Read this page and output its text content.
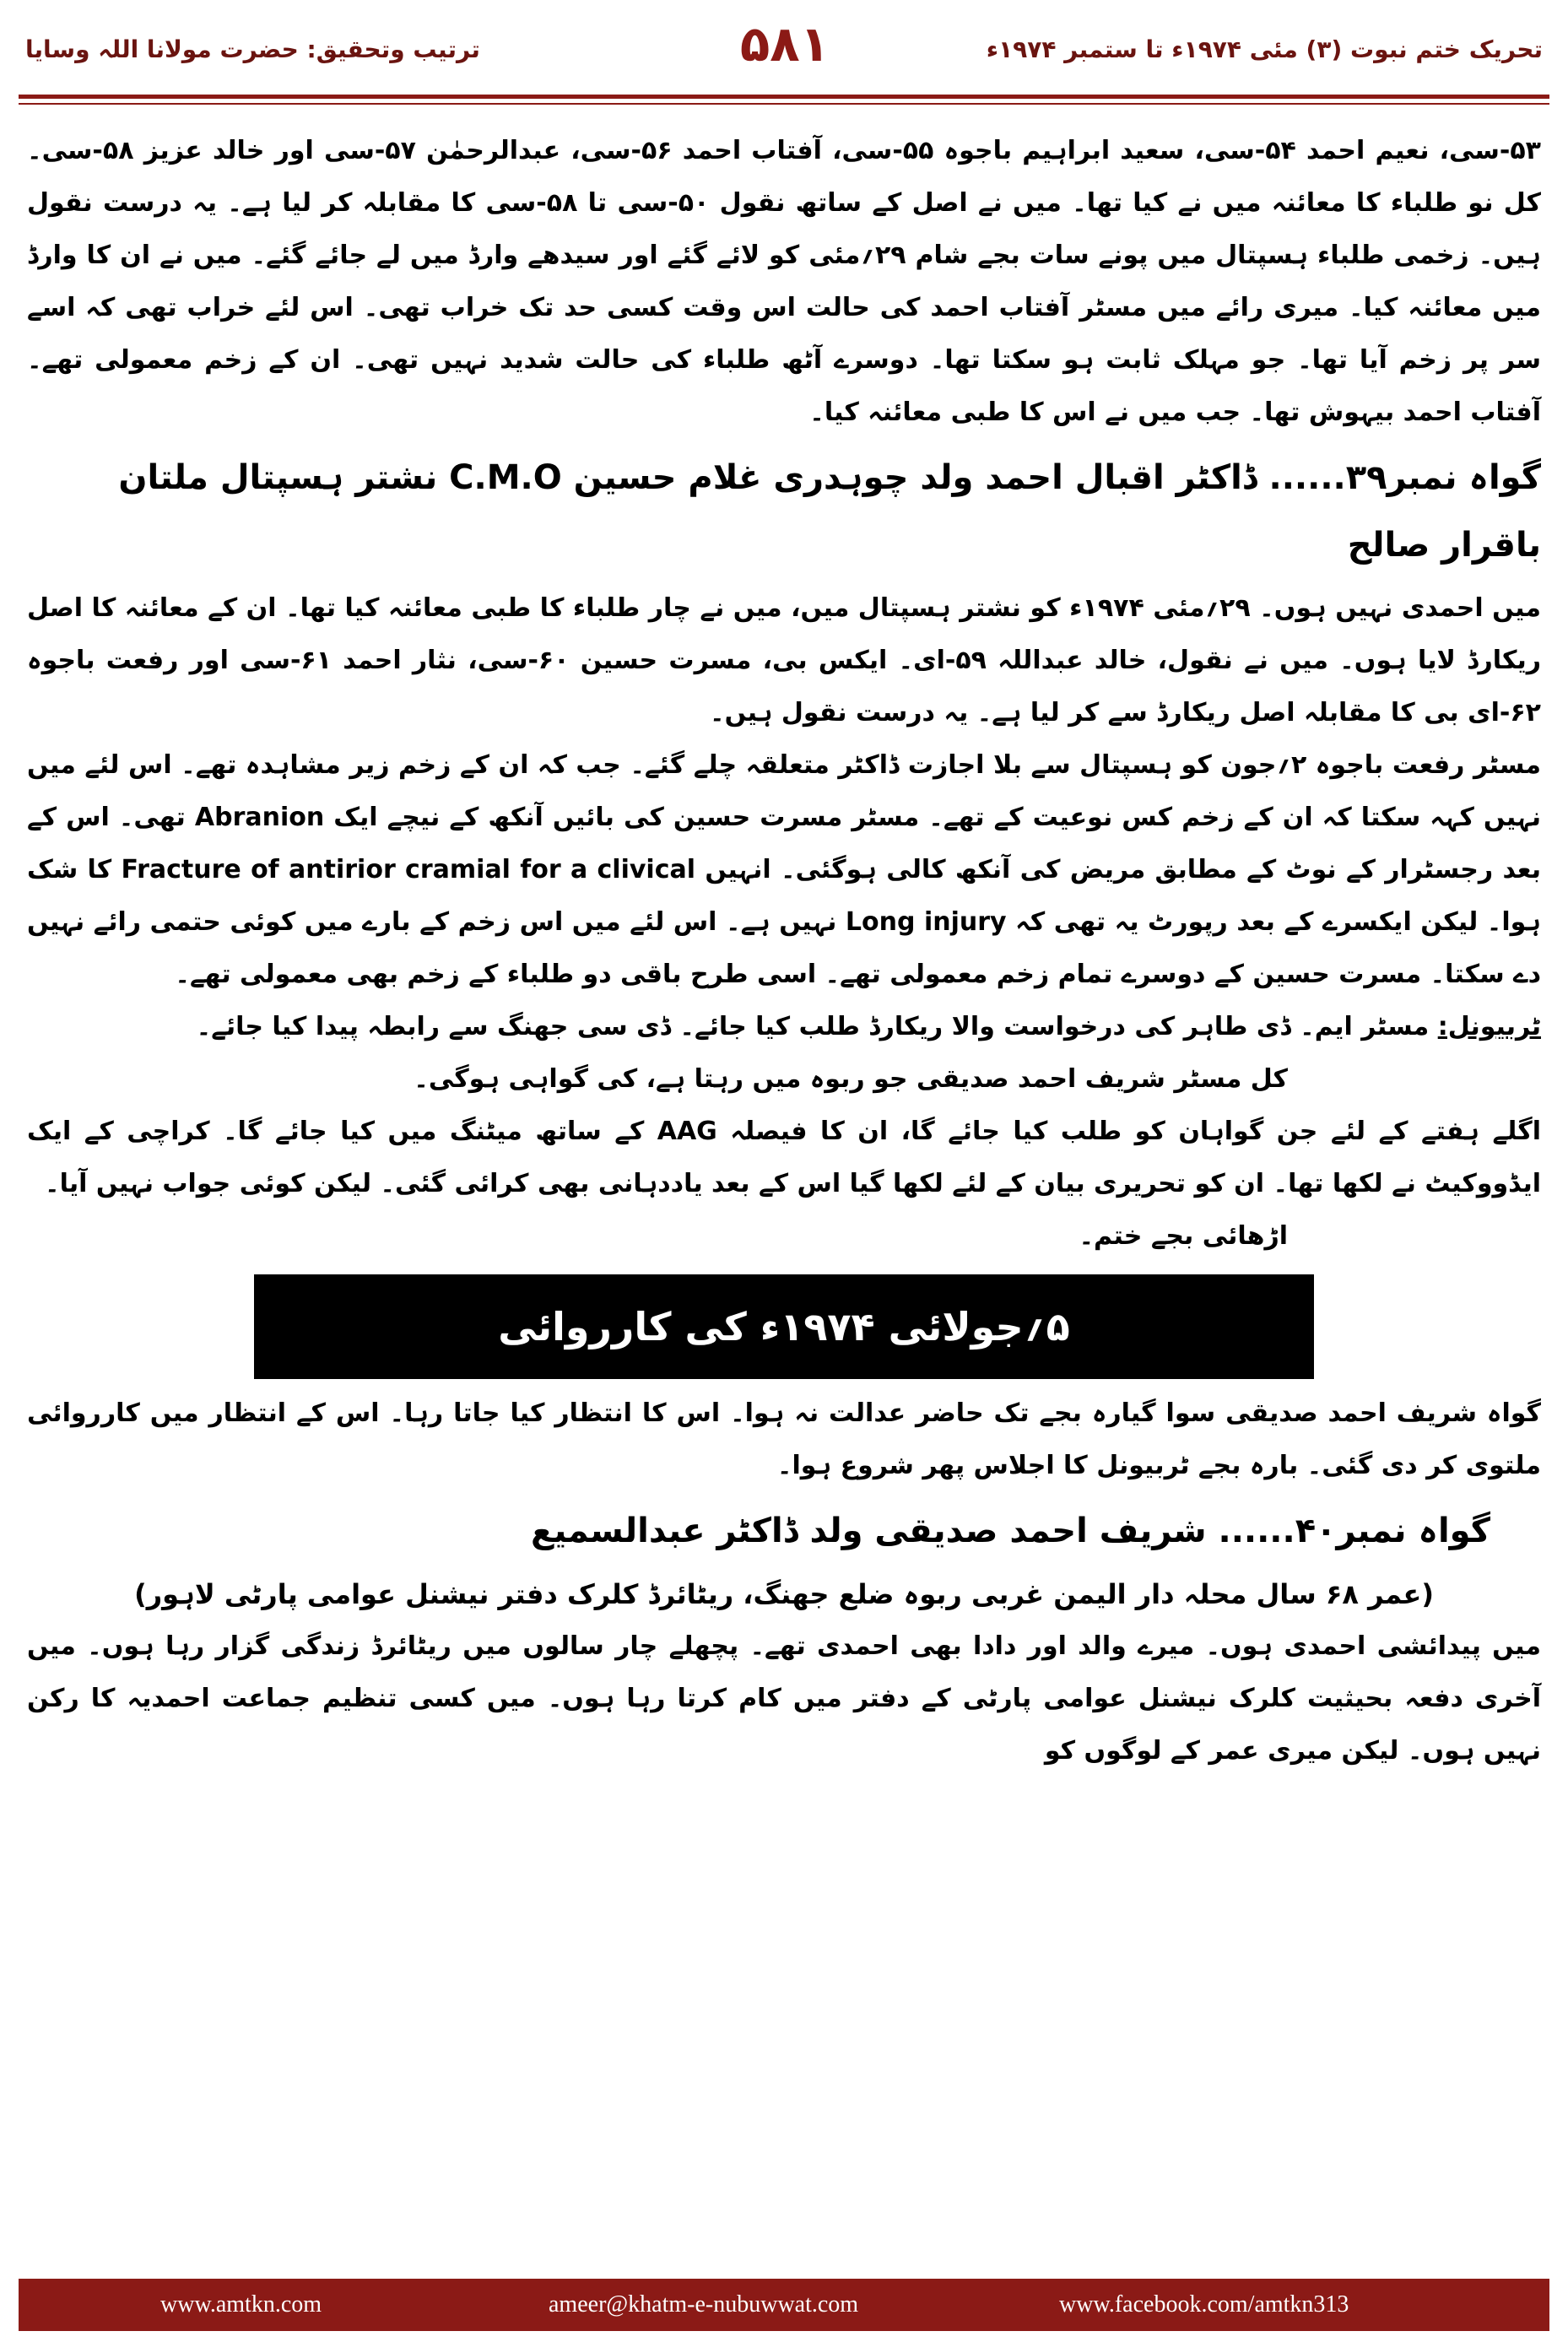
ترتیب وتحقیق: حضرت مولانا اللہ وسایا	۵۸۱	تحریک ختم نبوت (۳) مئی ۱۹۷۴ء تا ستمبر ۱۹۷۴ء

۵۳-سی، نعیم احمد ۵۴-سی، سعید ابراہیم باجوہ ۵۵-سی، آفتاب احمد ۵۶-سی، عبدالرحمٰن ۵۷-سی اور خالد عزیز ۵۸-سی۔ کل نو طلباء کا معائنہ میں نے کیا تھا۔ میں نے اصل کے ساتھ نقول ۵۰-سی تا ۵۸-سی کا مقابلہ کر لیا ہے۔ یہ درست نقول ہیں۔ زخمی طلباء ہسپتال میں پونے سات بجے شام ۲۹؍مئی کو لائے گئے اور سیدھے وارڈ میں لے جائے گئے۔ میں نے ان کا وارڈ میں معائنہ کیا۔ میری رائے میں مسٹر آفتاب احمد کی حالت اس وقت کسی حد تک خراب تھی۔ اس لئے خراب تھی کہ اسے سر پر زخم آیا تھا۔ جو مہلک ثابت ہو سکتا تھا۔ دوسرے آٹھ طلباء کی حالت شدید نہیں تھی۔ ان کے زخم معمولی تھے۔ آفتاب احمد بیہوش تھا۔ جب میں نے اس کا طبی معائنہ کیا۔

گواہ نمبر۳۹...... ڈاکٹر اقبال احمد ولد چوہدری غلام حسین C.M.O نشتر ہسپتال ملتان باقرار صالح

میں احمدی نہیں ہوں۔ ۲۹؍مئی ۱۹۷۴ء کو نشتر ہسپتال میں، میں نے چار طلباء کا طبی معائنہ کیا تھا۔ ان کے معائنہ کا اصل ریکارڈ لایا ہوں۔ میں نے نقول، خالد عبداللہ ۵۹-ای۔ ایکس بی، مسرت حسین ۶۰-سی، نثار احمد ۶۱-سی اور رفعت باجوہ ۶۲-ای بی کا مقابلہ اصل ریکارڈ سے کر لیا ہے۔ یہ درست نقول ہیں۔

مسٹر رفعت باجوہ ۲؍جون کو ہسپتال سے بلا اجازت ڈاکٹر متعلقہ چلے گئے۔ جب کہ ان کے زخم زیر مشاہدہ تھے۔ اس لئے میں نہیں کہہ سکتا کہ ان کے زخم کس نوعیت کے تھے۔ مسٹر مسرت حسین کی بائیں آنکھ کے نیچے ایک Abranion تھی۔ اس کے بعد رجسٹرار کے نوٹ کے مطابق مریض کی آنکھ کالی ہوگئی۔ انہیں Fracture of antirior cramial for a clivical کا شک ہوا۔ لیکن ایکسرے کے بعد رپورٹ یہ تھی کہ Long injury نہیں ہے۔ اس لئے میں اس زخم کے بارے میں کوئی حتمی رائے نہیں دے سکتا۔ مسرت حسین کے دوسرے تمام زخم معمولی تھے۔ اسی طرح باقی دو طلباء کے زخم بھی معمولی تھے۔

ٹربیونل: مسٹر ایم۔ ڈی طاہر کی درخواست والا ریکارڈ طلب کیا جائے۔ ڈی سی جھنگ سے رابطہ پیدا کیا جائے۔

کل مسٹر شریف احمد صدیقی جو ربوہ میں رہتا ہے، کی گواہی ہوگی۔

اگلے ہفتے کے لئے جن گواہان کو طلب کیا جائے گا، ان کا فیصلہ AAG کے ساتھ میٹنگ میں کیا جائے گا۔ کراچی کے ایک ایڈووکیٹ نے لکھا تھا۔ ان کو تحریری بیان کے لئے لکھا گیا اس کے بعد یاددہانی بھی کرائی گئی۔ لیکن کوئی جواب نہیں آیا۔

اڑھائی بجے ختم۔

۵؍جولائی ۱۹۷۴ء کی کارروائی

گواہ شریف احمد صدیقی سوا گیارہ بجے تک حاضر عدالت نہ ہوا۔ اس کا انتظار کیا جاتا رہا۔ اس کے انتظار میں کارروائی ملتوی کر دی گئی۔ بارہ بجے ٹربیونل کا اجلاس پھر شروع ہوا۔

گواہ نمبر۴۰...... شریف احمد صدیقی ولد ڈاکٹر عبدالسمیع

(عمر ۶۸ سال محلہ دار الیمن غربی ربوہ ضلع جھنگ، ریٹائرڈ کلرک دفتر نیشنل عوامی پارٹی لاہور)

میں پیدائشی احمدی ہوں۔ میرے والد اور دادا بھی احمدی تھے۔ پچھلے چار سالوں میں ریٹائرڈ زندگی گزار رہا ہوں۔ میں آخری دفعہ بحیثیت کلرک نیشنل عوامی پارٹی کے دفتر میں کام کرتا رہا ہوں۔ میں کسی تنظیم جماعت احمدیہ کا رکن نہیں ہوں۔ لیکن میری عمر کے لوگوں کو

www.amtkn.com	ameer@khatm-e-nubuwwat.com	www.facebook.com/amtkn313
